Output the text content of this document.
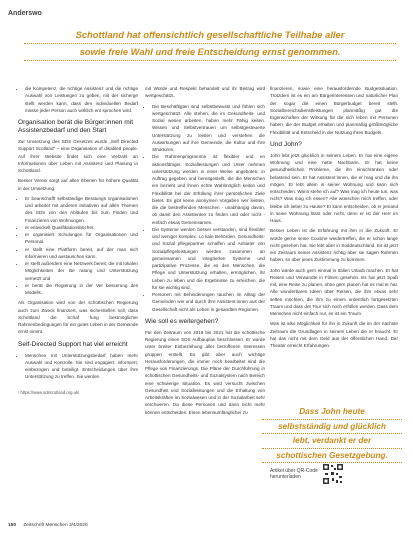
Anderswo
Schottland hat offensichtlich gesellschaftliche Teilhabe aller
sowie freie Wahl und freie Entscheidung ernst genommen.
• die Kompetenz, die richtige Assistenz und die richtige Auswahl von Leistungen zu geben, mit der sicherge stellt werden kann, dass den individuellen Bedarf müsse jeder Person auch wirklich ent sprochen wird.
Organisation berät die Bürger:innen mit Assistenzbedarf und den Start

Zur Umsetzung des SDS Gesetzes wurde „Self Directed Support Scotland“ – eine Organisation of disabled people. Auf ihrer Website findet sich eine Vielzahl an Informationen über Leben mit Assistenz und Planung in Schottland.

Besser Verein sorgt auf allen Ebenen für höhere Qualität in der Umsetzung.

• Er beanschafft selbständige Beratungs organisationen und arbeitet mit anderen Initiativen auf allen Themen des SDS von den Abläufen bis zum Finden und Finanzieren von Wohnungen.
• er entwickelt Qualifikationsbücher.
• er organisiert Schulungen für Organisationen und Personal.
• er stellt eine Plattform bereit, auf der man sich informieren und austauschen kann.
• er stellt außerdem eine Netzwerk bereit, die mit lokalen Möglichkeiten der Be ratung und Unterstützung vernetzt und
• er berät die Regierung in der Ver besserung des Modells.

Als Organisation wird von der schottischen Regierung auch zum Zweck finanziert, was sicherstellen soll, dass Schottland die Schaf fung bestmöglicher Rahmenbedingungen für ein gutes Leben in der Gemeinde ernst nimmt.

Self-Directed Support hat viel erreicht
• Menschen mit Unterstützungsbedarf haben mehr Auswahl und Kontrolle. Sie sind engagiert, informiert, einbezogen und beteiligt. Entscheidungen über ihre Unterstützung zu treffen. Sie werden
¹ https://www.sdsscotland.org.uk/

mit Würde und Respekt behandelt und ihr Beitrag wird wertgeschätzt.

• Die Beschäftigten sind selbstbewusst und fühlen sich wertgeschätzt. Alle stehen, die im Gesundheits- und Sozial wesen arbeiten, haben mehr Fähig keiten. Wissen und Selbstvertrauen um selbstgesteuerte Unterstützung zu leisten und verstehen die Auswirkungen auf ihre Gemeinde, die Kultur und ihre Strukturen.
• Die Rahmenprogramme ist flexibler und en aktionsfähiger. Sozialleistungen und Unter nehmen unterstützung werden in einer Weise angeboten, in Auftrag gegeben und bereitgestellt, die die Menschen ein bezieht und ihnen echte Wahlmöglich keiten und Flexibilität bei der Erfüllung ihrer persönlichen Ziele bietet. Es gibt keine anonymen Vorgaben wer leisten, die die bestreffenden Menschen - unabhängig davon, ob damit den Assistenten zu finden und oder nicht - einfach etwas Gemeinsamen.
• Die Systeme werden besser verstanden, sind flexibler und weniger komplex. Lo kale Behörden, Gesundheits- und Sozial pflegepartner schaffen und Anbieter von Sozialpflegeleistungen werden zusammen an gemeinsamen und integrierten Systeme und partizipative Prozesse. die es den Menschen, die Pflege und Unterstützung erhalten, ermöglichen, ihr Leben zu leben und die Ergebnisse zu erreichen, die für sie wichtig sind.
• Personen mit Behinderungen tauchen im Alltag der Gemeinden wie und durch ihre Assistent:innen aus der Gesellschaft nicht als Leben in gesandten Regionen.
Wie soll es weitergehen?

Für den Zeitraum von 2019 bis 2021 hat die schottische Regierung einen SDS Aufbauplan beschlossen. Er wurde unter breiter Einbeziehung aller betroffenen Interessen gruppen erstellt. Es gibt aber auch wichtige Herausforderungen, die immer noch bearbeitet sind die Pflege von Finanzierungs. Die Pläne der Durchführung in schottischen Gesundheits- und Sozialsystem nach Bereich eine schwierige Situation. Es wird versucht zwischen Gesundheit und Sozialleistungen und die Erhaltung von Arbeitskräften im Sozialwesen und in der Sozialarbeit sehr erschweren. Da diese Personen und dann nicht mehr können entscheiden. Einen lebensumfänglicher zu

finanzieren, sowie eine herausfordernde Budgetsituation. Trotzdem ist es ein am Bürgerinteressen und natürlicher Plan der sogar die einen Bürgerbudget bereit stellt. Sozialbereichsdienstleistungen planmäßig gut die Eigenschaften der Wirkung für die sich leben mit Personen haben, die der Budget erhalten und planmäßig größtmögliche Flexibilität und Entscheid in der Nutzung ihres Budgets.

Und John?

John lebt jetzt glücklich in seinem Leben. Er hat eine eigene Wohnung und eine nette Nachbarin. Er hat keine gesundheitlichen Probleme, die ihn einschränken oder belastend sein. Er hat Assistent:innen, die er mag und die ihn mögen. Er lebt allein in seiner Wohnung und kann sich entscheiden: Wann stehe ich auf? Was mag ich heute tun, was nicht? Was mag ich essen? Alle wünschen mich treffen, oder bleibe ich lieber zu Hause? Er kann entscheiden, ob er jemand in seine Wohnung lässt oder nicht, denn er ist der Herr im Haus.

Besser Leben ist die Erfahrung mit ihm in die Zukunft. Er würde gerne seine Cousine wiedertreffen, die er schon lange nicht gesehen hat. Sie lebt aber in Süddeutschland. Es ist jetzt ein Zeitraum seiner Assistenz richtig aber sie sagen Rahmen haben, so über jenes Zustimmung zu kommen.

John würde auch gern einmal in Italien Urlaub machen. Er hat Reisen und Verwandte in Filmen gesehen. Es hat jetzt Spaß mit, eine Reise zu planen, ohne gern planen hat es mal er hat. Alle wunderbaren Ideen über Reisen, die ihm etwas sehr selten möchten, die ihm zu einem ordentlich fortgesetzten Traum und dass der Tour sich noch erfüllen werden. Dass dem Menschen nicht einfach nur, es ist ein Traum.

Was ist also Möglichkeit für ihn in Zukunft die im der nächste Zeitraum die Grundlagen in seinem Leben die er braucht. Er hat das nicht mit dem Geld aus der öffentlichen Hand. Der Theater erreicht Erfahrungen.

Dass John heute
selbstständig und glücklich
lebt, verdankt er der
schottischen Gesetzgebung.
Artikel über QR-Code
herunterladen
150 Zeitschrift Menschen 3/4/2020
